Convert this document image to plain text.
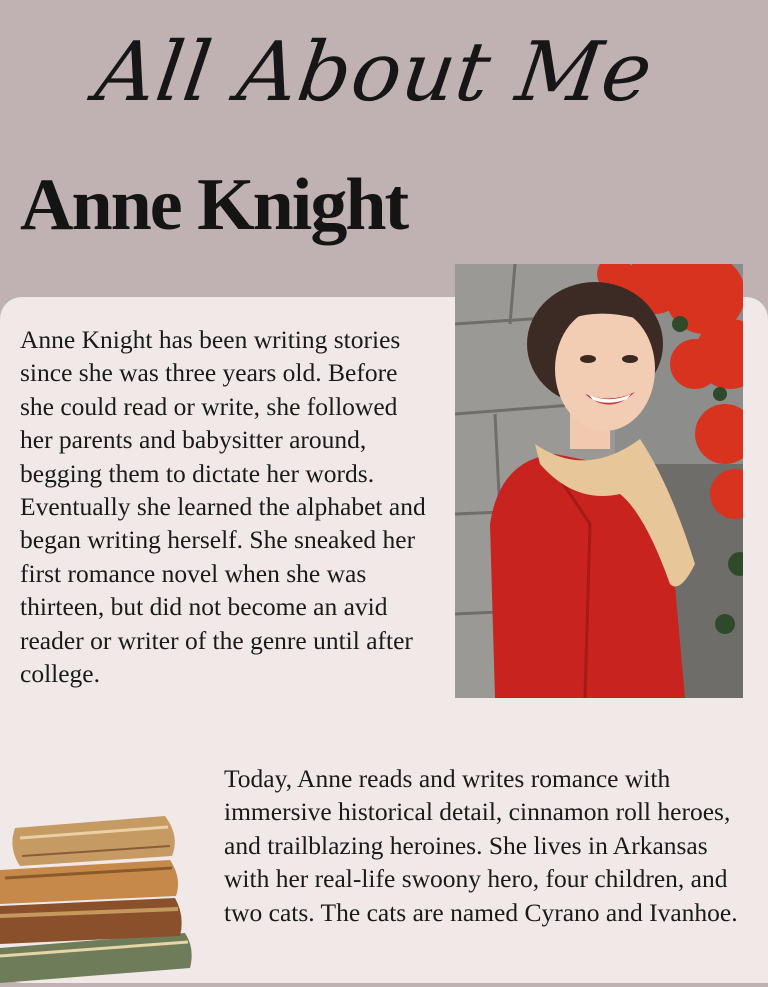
All About Me
Anne Knight

Anne Knight has been writing stories since she was three years old. Before she could read or write, she followed her parents and babysitter around, begging them to dictate her words. Eventually she learned the alphabet and began writing herself. She sneaked her first romance novel when she was thirteen, but did not become an avid reader or writer of the genre until after college.

Today, Anne reads and writes romance with immersive historical detail, cinnamon roll heroes, and trailblazing heroines. She lives in Arkansas with her real-life swoony hero, four children, and two cats. The cats are named Cyrano and Ivanhoe.
